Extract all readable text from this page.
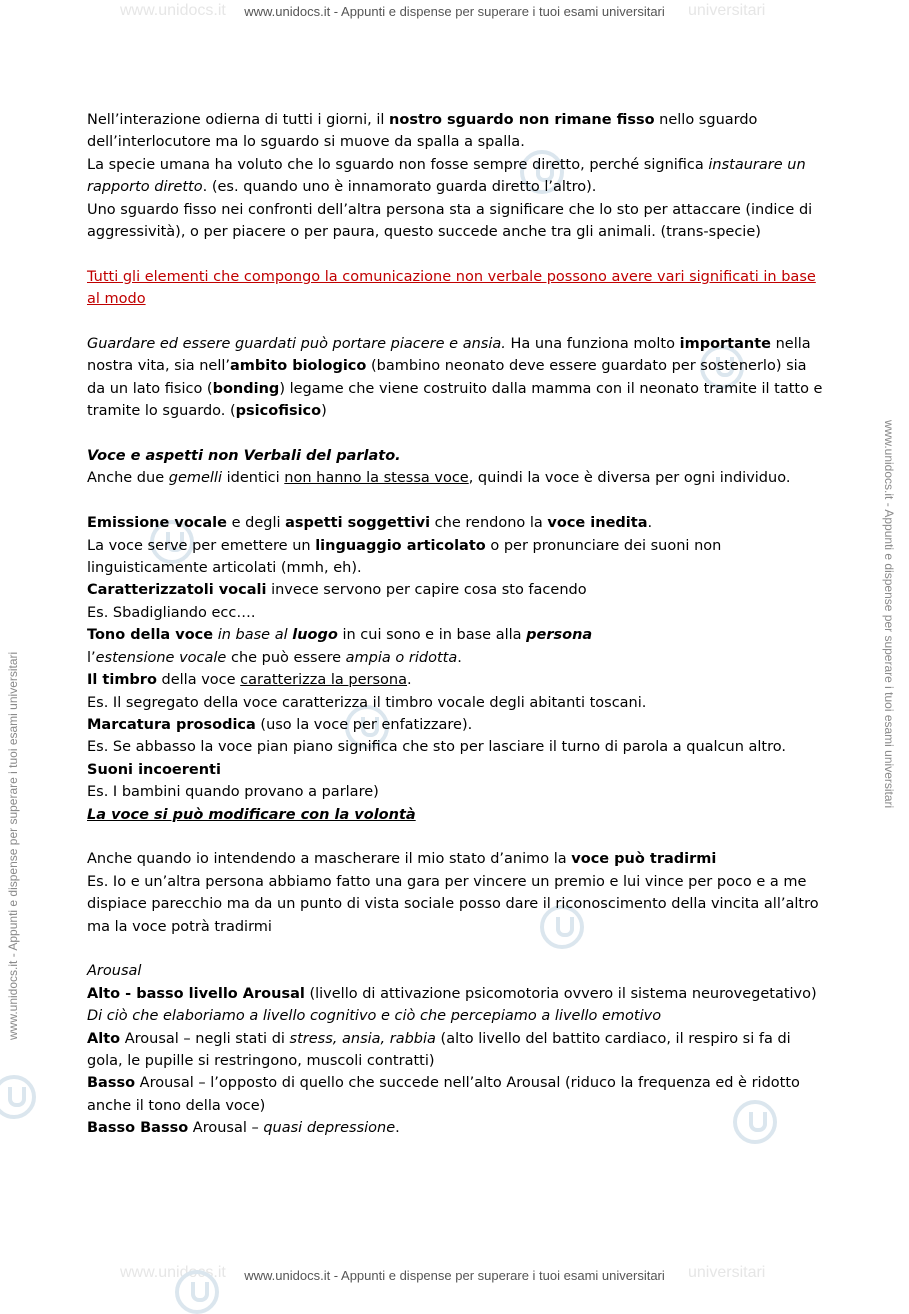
www.unidocs.it	universitari
www.unidocs.it	universitari
www.unidocs.it - Appunti e dispense per superare i tuoi esami universitari
www.unidocs.it - Appunti e dispense per superare i tuoi esami universitari
www.unidocs.it - Appunti e dispense per superare i tuoi esami universitari
www.unidocs.it - Appunti e dispense per superare i tuoi esami universitari

Nell’interazione odierna di tutti i giorni, il nostro sguardo non rimane fisso nello sguardo dell’interlocutore ma lo sguardo si muove da spalla a spalla.

La specie umana ha voluto che lo sguardo non fosse sempre diretto, perché significa instaurare un rapporto diretto. (es. quando uno è innamorato guarda diretto l’altro).

Uno sguardo fisso nei confronti dell’altra persona sta a significare che lo sto per attaccare (indice di aggressività), o per piacere o per paura, questo succede anche tra gli animali. (trans-specie)

Tutti gli elementi che compongo la comunicazione non verbale possono avere vari significati in base al modo

Guardare ed essere guardati può portare piacere e ansia. Ha una funziona molto importante nella nostra vita, sia nell’ambito biologico (bambino neonato deve essere guardato per sostenerlo) sia da un lato fisico (bonding) legame che viene costruito dalla mamma con il neonato tramite il tatto e tramite lo sguardo. (psicofisico)

Voce e aspetti non Verbali del parlato.

Anche due gemelli identici non hanno la stessa voce, quindi la voce è diversa per ogni individuo.

Emissione vocale e degli aspetti soggettivi che rendono la voce inedita.

La voce serve per emettere un linguaggio articolato o per pronunciare dei suoni non linguisticamente articolati (mmh, eh).

Caratterizzatoli vocali invece servono per capire cosa sto facendo

Es. Sbadigliando ecc….

Tono della voce in base al luogo in cui sono e in base alla persona

l’estensione vocale che può essere ampia o ridotta.

Il timbro della voce caratterizza la persona.

Es. Il segregato della voce caratterizza il timbro vocale degli abitanti toscani.

Marcatura prosodica (uso la voce per enfatizzare).

Es. Se abbasso la voce pian piano significa che sto per lasciare il turno di parola a qualcun altro.

Suoni incoerenti

Es. I bambini quando provano a parlare)

La voce si può modificare con la volontà

Anche quando io intendendo a mascherare il mio stato d’animo la voce può tradirmi

Es. Io e un’altra persona abbiamo fatto una gara per vincere un premio e lui vince per poco e a me dispiace parecchio ma da un punto di vista sociale posso dare il riconoscimento della vincita all’altro ma la voce potrà tradirmi

Arousal

Alto - basso livello Arousal (livello di attivazione psicomotoria ovvero il sistema neurovegetativo)

Di ciò che elaboriamo a livello cognitivo e ciò che percepiamo a livello emotivo

Alto Arousal – negli stati di stress, ansia, rabbia (alto livello del battito cardiaco, il respiro si fa di gola, le pupille si restringono, muscoli contratti)

Basso Arousal – l’opposto di quello che succede nell’alto Arousal (riduco la frequenza ed è ridotto anche il tono della voce)

Basso Basso Arousal – quasi depressione.
